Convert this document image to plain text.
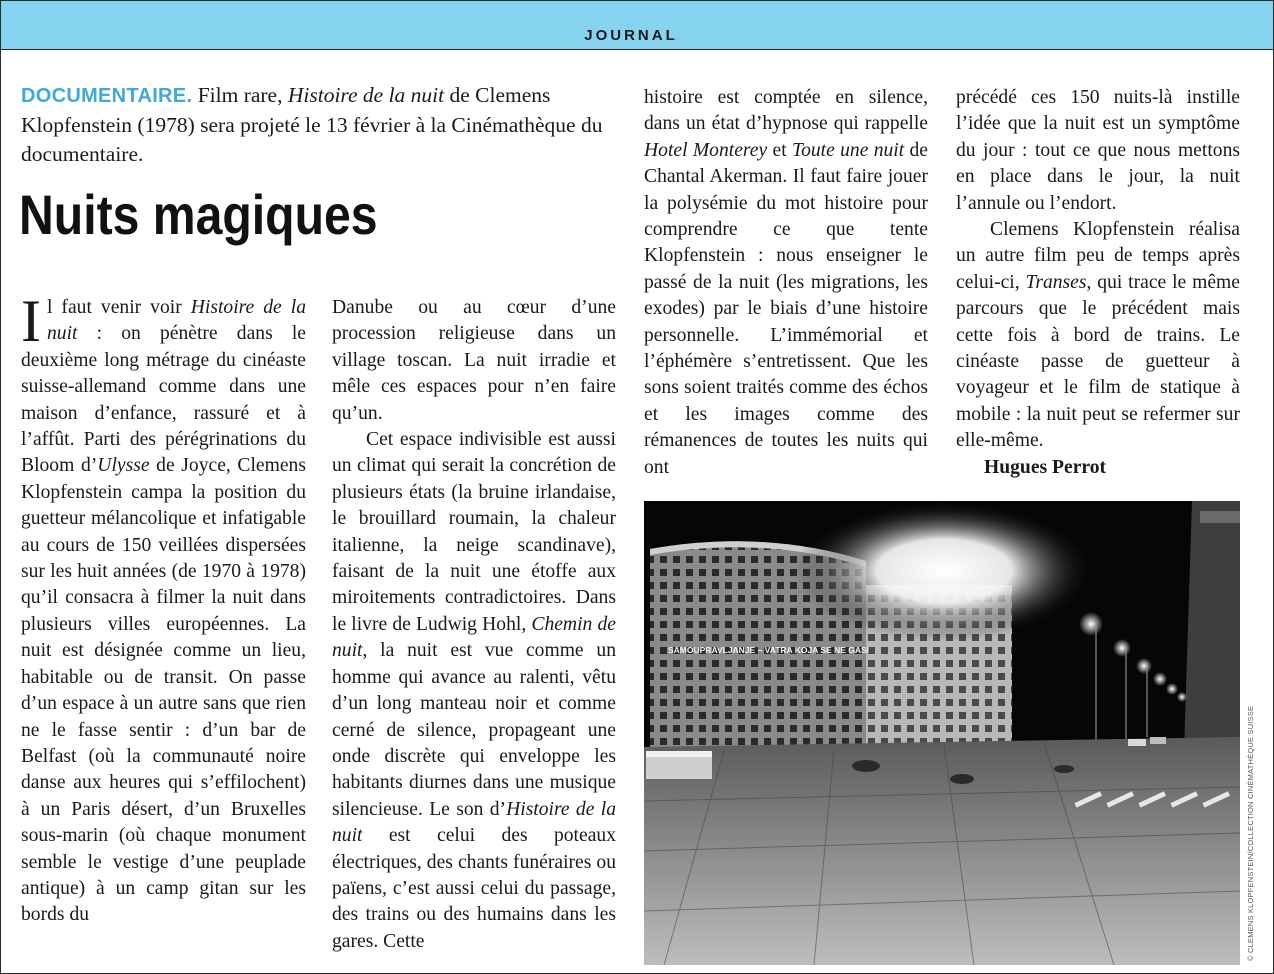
JOURNAL
DOCUMENTAIRE. Film rare, Histoire de la nuit de Clemens Klopfenstein (1978) sera projeté le 13 février à la Cinémathèque du documentaire.
Nuits magiques

Il faut venir voir Histoire de la nuit : on pénètre dans le deuxième long métrage du cinéaste suisse-allemand comme dans une maison d’enfance, rassuré et à l’affût. Parti des pérégrinations du Bloom d’Ulysse de Joyce, Clemens Klopfenstein campa la position du guetteur mélancolique et infatigable au cours de 150 veillées dispersées sur les huit années (de 1970 à 1978) qu’il consacra à filmer la nuit dans plusieurs villes européennes. La nuit est désignée comme un lieu, habitable ou de transit. On passe d’un espace à un autre sans que rien ne le fasse sentir : d’un bar de Belfast (où la communauté noire danse aux heures qui s’effilochent) à un Paris désert, d’un Bruxelles sous-marin (où chaque monument semble le vestige d’une peuplade antique) à un camp gitan sur les bords du

Danube ou au cœur d’une procession religieuse dans un village toscan. La nuit irradie et mêle ces espaces pour n’en faire qu’un.

Cet espace indivisible est aussi un climat qui serait la concrétion de plusieurs états (la bruine irlandaise, le brouillard roumain, la chaleur italienne, la neige scandinave), faisant de la nuit une étoffe aux miroitements contradictoires. Dans le livre de Ludwig Hohl, Chemin de nuit, la nuit est vue comme un homme qui avance au ralenti, vêtu d’un long manteau noir et comme cerné de silence, propageant une onde discrète qui enveloppe les habitants diurnes dans une musique silencieuse. Le son d’Histoire de la nuit est celui des poteaux électriques, des chants funéraires ou païens, c’est aussi celui du passage, des trains ou des humains dans les gares. Cette

histoire est comptée en silence, dans un état d’hypnose qui rappelle Hotel Monterey et Toute une nuit de Chantal Akerman. Il faut faire jouer la polysémie du mot histoire pour comprendre ce que tente Klopfenstein : nous enseigner le passé de la nuit (les migrations, les exodes) par le biais d’une histoire personnelle. L’immémorial et l’éphémère s’entretissent. Que les sons soient traités comme des échos et les images comme des rémanences de toutes les nuits qui ont

précédé ces 150 nuits-là instille l’idée que la nuit est un symptôme du jour : tout ce que nous mettons en place dans le jour, la nuit l’annule ou l’endort.

Clemens Klopfenstein réalisa un autre film peu de temps après celui-ci, Transes, qui trace le même parcours que le précédent mais cette fois à bord de trains. Le cinéaste passe de guetteur à voyageur et le film de statique à mobile : la nuit peut se refermer sur elle-même.

Hugues Perrot

SAMOUPRAVLJANJE – VATRA KOJA SE NE GASI
© CLEMENS KLOPFENSTEIN/COLLECTION CINÉMATHÈQUE SUISSE
